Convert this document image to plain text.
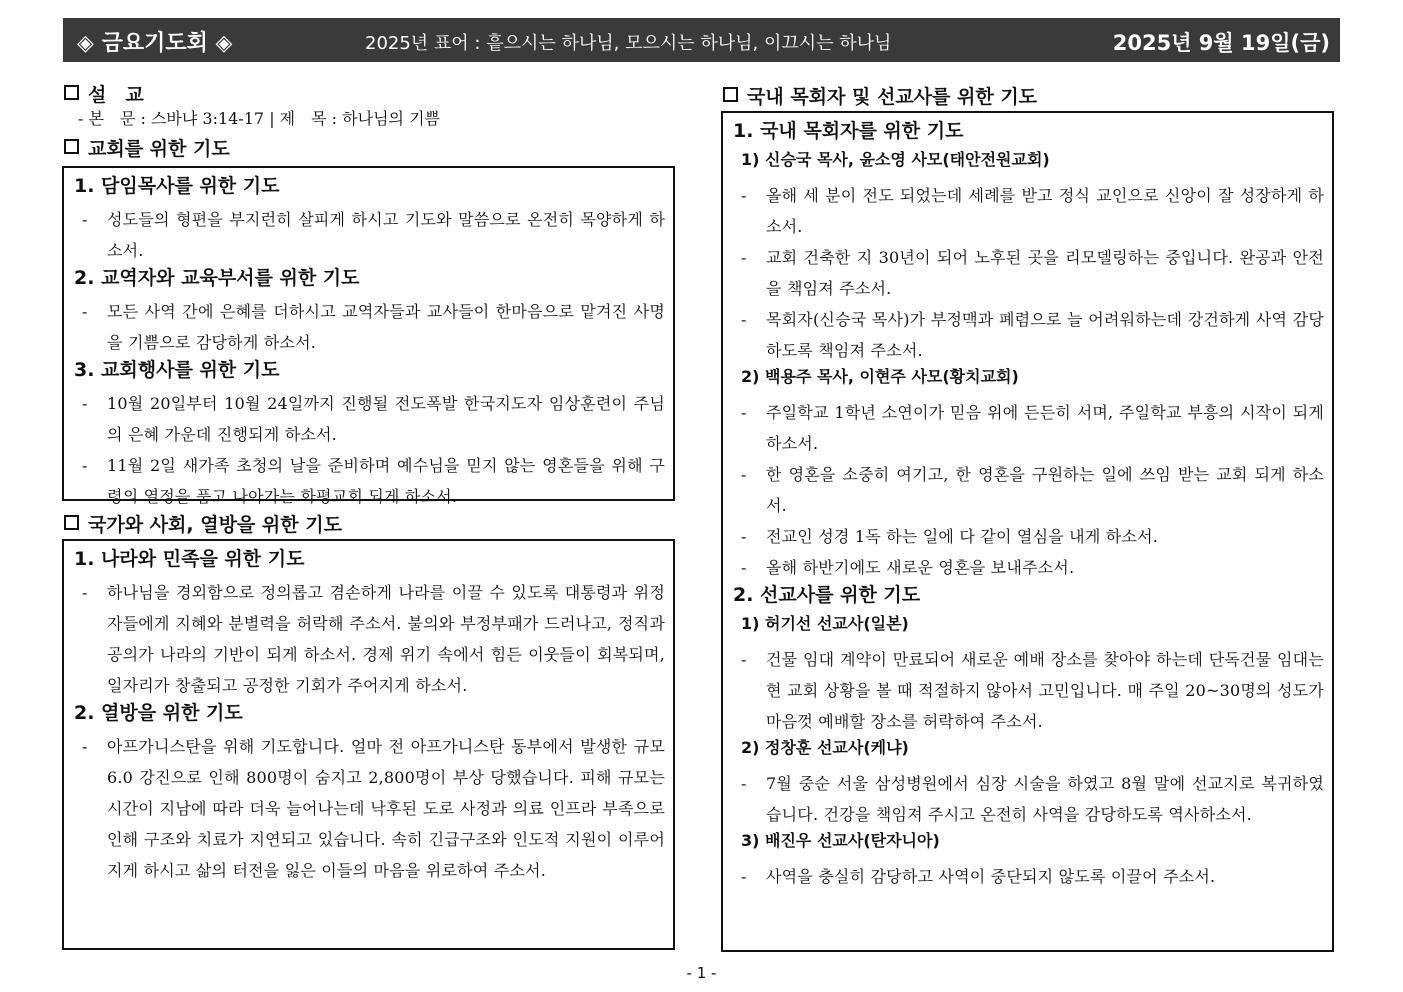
◈ 금요기도회 ◈	2025년 표어 : 흩으시는 하나님, 모으시는 하나님, 이끄시는 하나님	2025년 9월 19일(금)
설　교
- 본　문 : 스바냐 3:14-17 | 제　목 : 하나님의 기쁨
교회를 위한 기도
1. 담임목사를 위한 기도
- 성도들의 형편을 부지런히 살피게 하시고 기도와 말씀으로 온전히 목양하게 하소서.
2. 교역자와 교육부서를 위한 기도
- 모든 사역 간에 은혜를 더하시고 교역자들과 교사들이 한마음으로 맡겨진 사명을 기쁨으로 감당하게 하소서.
3. 교회행사를 위한 기도
- 10월 20일부터 10월 24일까지 진행될 전도폭발 한국지도자 임상훈련이 주님의 은혜 가운데 진행되게 하소서.
- 11월 2일 새가족 초청의 날을 준비하며 예수님을 믿지 않는 영혼들을 위해 구령의 열정을 품고 나아가는 화평교회 되게 하소서.
국가와 사회, 열방을 위한 기도
1. 나라와 민족을 위한 기도
- 하나님을 경외함으로 정의롭고 겸손하게 나라를 이끌 수 있도록 대통령과 위정자들에게 지혜와 분별력을 허락해 주소서. 불의와 부정부패가 드러나고, 정직과 공의가 나라의 기반이 되게 하소서. 경제 위기 속에서 힘든 이웃들이 회복되며, 일자리가 창출되고 공정한 기회가 주어지게 하소서.
2. 열방을 위한 기도
- 아프가니스탄을 위해 기도합니다. 얼마 전 아프가니스탄 동부에서 발생한 규모 6.0 강진으로 인해 800명이 숨지고 2,800명이 부상 당했습니다. 피해 규모는 시간이 지남에 따라 더욱 늘어나는데 낙후된 도로 사정과 의료 인프라 부족으로 인해 구조와 치료가 지연되고 있습니다. 속히 긴급구조와 인도적 지원이 이루어지게 하시고 삶의 터전을 잃은 이들의 마음을 위로하여 주소서.
국내 목회자 및 선교사를 위한 기도
1. 국내 목회자를 위한 기도
1) 신승국 목사, 윤소영 사모(태안전원교회)
- 올해 세 분이 전도 되었는데 세례를 받고 정식 교인으로 신앙이 잘 성장하게 하소서.
- 교회 건축한 지 30년이 되어 노후된 곳을 리모델링하는 중입니다. 완공과 안전을 책임져 주소서.
- 목회자(신승국 목사)가 부정맥과 폐렴으로 늘 어려워하는데 강건하게 사역 감당하도록 책임져 주소서.
2) 백용주 목사, 이현주 사모(황치교회)
- 주일학교 1학년 소연이가 믿음 위에 든든히 서며, 주일학교 부흥의 시작이 되게 하소서.
- 한 영혼을 소중히 여기고, 한 영혼을 구원하는 일에 쓰임 받는 교회 되게 하소서.
- 전교인 성경 1독 하는 일에 다 같이 열심을 내게 하소서.
- 올해 하반기에도 새로운 영혼을 보내주소서.
2. 선교사를 위한 기도
1) 허기선 선교사(일본)
- 건물 임대 계약이 만료되어 새로운 예배 장소를 찾아야 하는데 단독건물 임대는 현 교회 상황을 볼 때 적절하지 않아서 고민입니다. 매 주일 20~30명의 성도가 마음껏 예배할 장소를 허락하여 주소서.
2) 정창훈 선교사(케냐)
- 7월 중순 서울 삼성병원에서 심장 시술을 하였고 8월 말에 선교지로 복귀하였습니다. 건강을 책임져 주시고 온전히 사역을 감당하도록 역사하소서.
3) 배진우 선교사(탄자니아)
- 사역을 충실히 감당하고 사역이 중단되지 않도록 이끌어 주소서.
- 1 -
